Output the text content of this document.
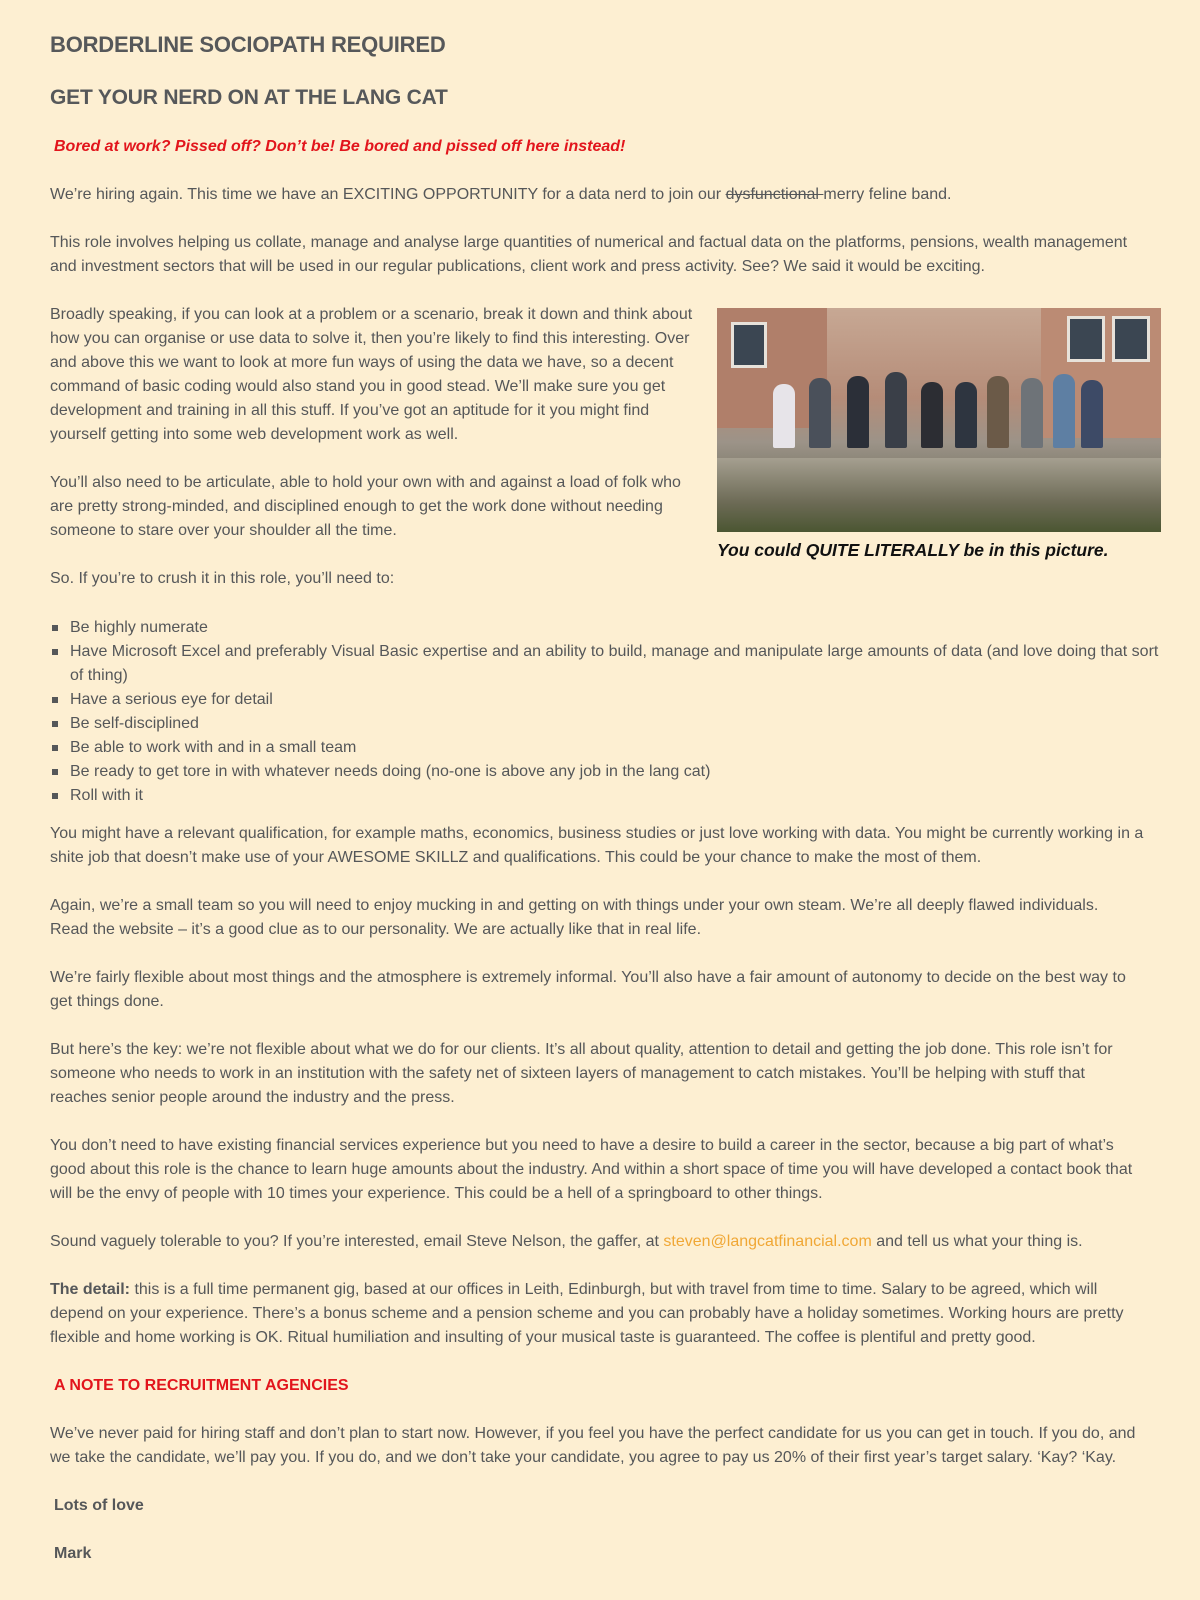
BORDERLINE SOCIOPATH REQUIRED
GET YOUR NERD ON AT THE LANG CAT

Bored at work? Pissed off? Don’t be! Be bored and pissed off here instead!

We’re hiring again. This time we have an EXCITING OPPORTUNITY for a data nerd to join our dysfunctional merry feline band.

This role involves helping us collate, manage and analyse large quantities of numerical and factual data on the platforms, pensions, wealth management and investment sectors that will be used in our regular publications, client work and press activity. See? We said it would be exciting.

Broadly speaking, if you can look at a problem or a scenario, break it down and think about how you can organise or use data to solve it, then you’re likely to find this interesting. Over and above this we want to look at more fun ways of using the data we have, so a decent command of basic coding would also stand you in good stead. We’ll make sure you get development and training in all this stuff. If you’ve got an aptitude for it you might find yourself getting into some web development work as well.

You’ll also need to be articulate, able to hold your own with and against a load of folk who are pretty strong-minded, and disciplined enough to get the work done without needing someone to stare over your shoulder all the time.

You could QUITE LITERALLY be in this picture.

So. If you’re to crush it in this role, you’ll need to:

Be highly numerate
Have Microsoft Excel and preferably Visual Basic expertise and an ability to build, manage and manipulate large amounts of data (and love doing that sort of thing)
Have a serious eye for detail
Be self-disciplined
Be able to work with and in a small team
Be ready to get tore in with whatever needs doing (no-one is above any job in the lang cat)
Roll with it

You might have a relevant qualification, for example maths, economics, business studies or just love working with data. You might be currently working in a shite job that doesn’t make use of your AWESOME SKILLZ and qualifications. This could be your chance to make the most of them.

Again, we’re a small team so you will need to enjoy mucking in and getting on with things under your own steam. We’re all deeply flawed individuals. Read the website – it’s a good clue as to our personality. We are actually like that in real life.

We’re fairly flexible about most things and the atmosphere is extremely informal. You’ll also have a fair amount of autonomy to decide on the best way to get things done.

But here’s the key: we’re not flexible about what we do for our clients. It’s all about quality, attention to detail and getting the job done. This role isn’t for someone who needs to work in an institution with the safety net of sixteen layers of management to catch mistakes. You’ll be helping with stuff that reaches senior people around the industry and the press.

You don’t need to have existing financial services experience but you need to have a desire to build a career in the sector, because a big part of what’s good about this role is the chance to learn huge amounts about the industry. And within a short space of time you will have developed a contact book that will be the envy of people with 10 times your experience. This could be a hell of a springboard to other things.

Sound vaguely tolerable to you? If you’re interested, email Steve Nelson, the gaffer, at steven@langcatfinancial.com and tell us what your thing is.

The detail: this is a full time permanent gig, based at our offices in Leith, Edinburgh, but with travel from time to time. Salary to be agreed, which will depend on your experience. There’s a bonus scheme and a pension scheme and you can probably have a holiday sometimes. Working hours are pretty flexible and home working is OK. Ritual humiliation and insulting of your musical taste is guaranteed. The coffee is plentiful and pretty good.

A NOTE TO RECRUITMENT AGENCIES

We’ve never paid for hiring staff and don’t plan to start now. However, if you feel you have the perfect candidate for us you can get in touch. If you do, and we take the candidate, we’ll pay you. If you do, and we don’t take your candidate, you agree to pay us 20% of their first year’s target salary. ‘Kay? ‘Kay.

Lots of love

Mark
